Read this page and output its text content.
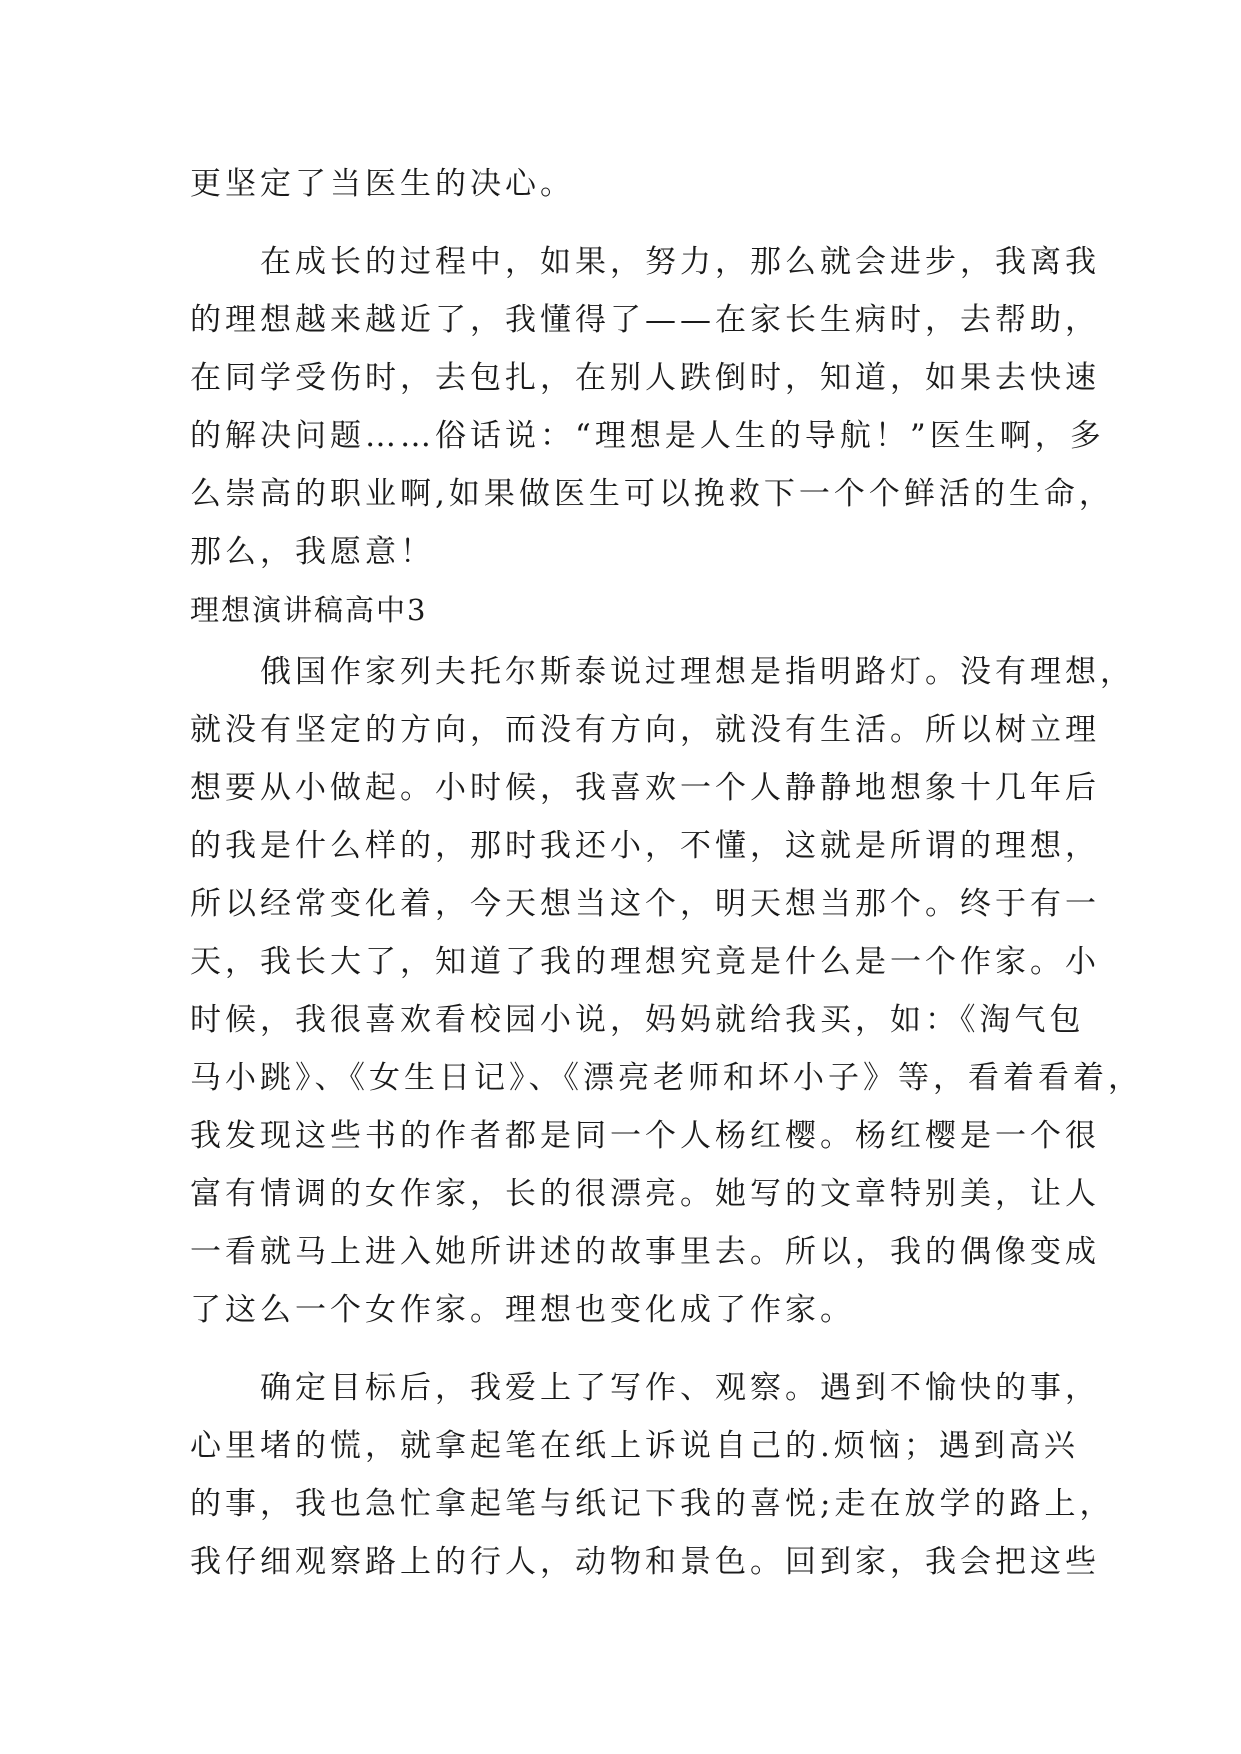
更坚定了当医生的决心。
在成长的过程中，如果，努力，那么就会进步，我离我
的理想越来越近了，我懂得了——在家长生病时，去帮助，
在同学受伤时，去包扎，在别人跌倒时，知道，如果去快速
的解决问题……俗话说：“理想是人生的导航！”医生啊，多
么崇高的职业啊,如果做医生可以挽救下一个个鲜活的生命，
那么，我愿意！
理想演讲稿高中3
俄国作家列夫托尔斯泰说过理想是指明路灯。没有理想，
就没有坚定的方向，而没有方向，就没有生活。所以树立理
想要从小做起。小时候，我喜欢一个人静静地想象十几年后
的我是什么样的，那时我还小，不懂，这就是所谓的理想，
所以经常变化着，今天想当这个，明天想当那个。终于有一
天，我长大了，知道了我的理想究竟是什么是一个作家。小
时候，我很喜欢看校园小说，妈妈就给我买，如：《淘气包
马小跳》、《女生日记》、《漂亮老师和坏小子》等，看着看着，
我发现这些书的作者都是同一个人杨红樱。杨红樱是一个很
富有情调的女作家，长的很漂亮。她写的文章特别美，让人
一看就马上进入她所讲述的故事里去。所以，我的偶像变成
了这么一个女作家。理想也变化成了作家。
确定目标后，我爱上了写作、观察。遇到不愉快的事，
心里堵的慌，就拿起笔在纸上诉说自己的.烦恼；遇到高兴
的事，我也急忙拿起笔与纸记下我的喜悦;走在放学的路上，
我仔细观察路上的行人，动物和景色。回到家，我会把这些
